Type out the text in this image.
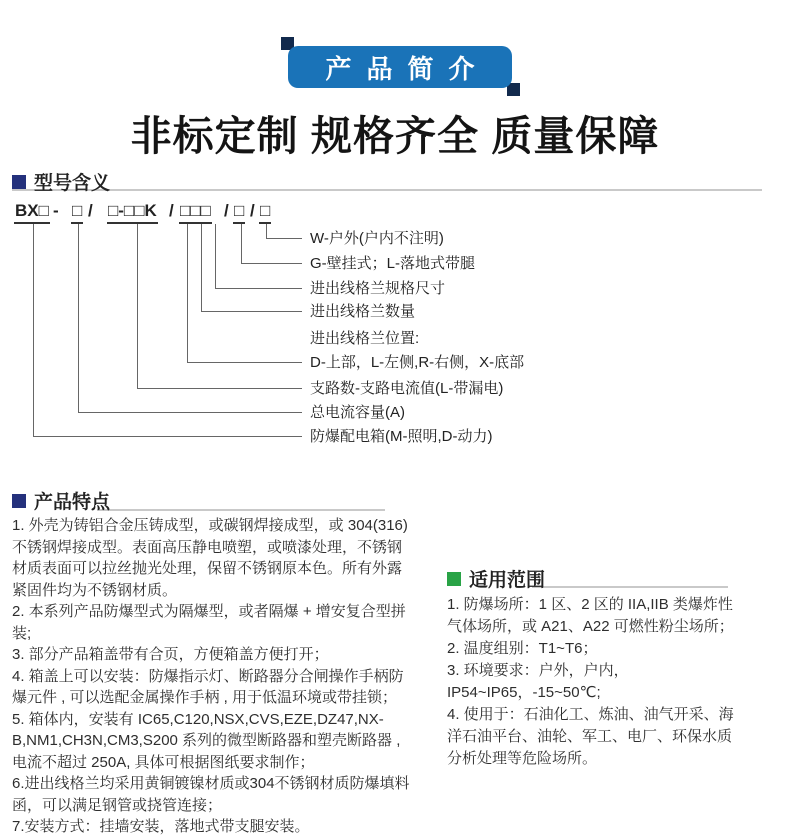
产品简介
非标定制 规格齐全 质量保障
型号含义
BX□ - □ / □-□□K / □□□ / □ / □
W-户外(户内不注明)
G-壁挂式；L-落地式带腿
进出线格兰规格尺寸
进出线格兰数量
进出线格兰位置:
D-上部，L-左侧,R-右侧，X-底部
支路数-支路电流值(L-带漏电)
总电流容量(A)
防爆配电箱(M-照明,D-动力)
产品特点

1. 外壳为铸铝合金压铸成型，或碳钢焊接成型，或 304(316) 不锈钢焊接成型。表面高压静电喷塑，或喷漆处理，不锈钢材质表面可以拉丝抛光处理，保留不锈钢原本色。所有外露紧固件均为不锈钢材质。

2. 本系列产品防爆型式为隔爆型，或者隔爆 + 增安复合型拼装;

3. 部分产品箱盖带有合页，方便箱盖方便打开；

4. 箱盖上可以安装：防爆指示灯、断路器分合闸操作手柄防爆元件 , 可以选配金属操作手柄 , 用于低温环境或带挂锁；

5. 箱体内，安装有 IC65,C120,NSX,CVS,EZE,DZ47,NX-B,NM1,CH3N,CM3,S200 系列的微型断路器和塑壳断路器 , 电流不超过 250A, 具体可根据图纸要求制作；

6.进出线格兰均采用黄铜镀镍材质或304不锈钢材质防爆填料函，可以满足钢管或挠管连接；

7.安装方式：挂墙安装，落地式带支腿安装。

适用范围

1. 防爆场所：1 区、2 区的 IIA,IIB 类爆炸性气体场所，或 A21、A22 可燃性粉尘场所；

2. 温度组别：T1~T6；

3. 环境要求：户外，户内，IP54~IP65，-15~50℃;

4. 使用于：石油化工、炼油、油气开采、海洋石油平台、油轮、军工、电厂、环保水质分析处理等危险场所。
